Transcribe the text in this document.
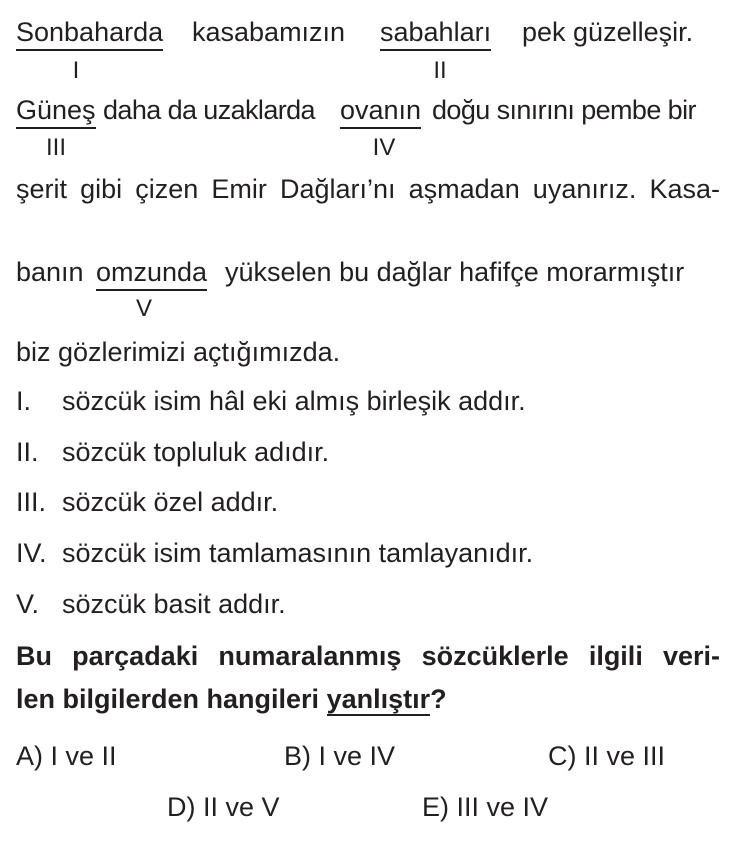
Sonbaharda kasabamızın sabahları pek güzelleşir.
I	II
Güneş daha da uzaklarda ovanın doğu sınırını pembe bir
III	IV
şerit gibi çizen Emir Dağları’nı aşmadan uyanırız. Kasa-
banın omzunda yükselen bu dağlar hafifçe morarmıştır
V
biz gözlerimizi açtığımızda.
I. sözcük isim hâl eki almış birleşik addır.
II. sözcük topluluk adıdır.
III. sözcük özel addır.
IV. sözcük isim tamlamasının tamlayanıdır.
V. sözcük basit addır.
Bu parçadaki numaralanmış sözcüklerle ilgili veri-
len bilgilerden hangileri yanlıştır?
A) I ve II	B) I ve IV	C) II ve III
D) II ve V	E) III ve IV
